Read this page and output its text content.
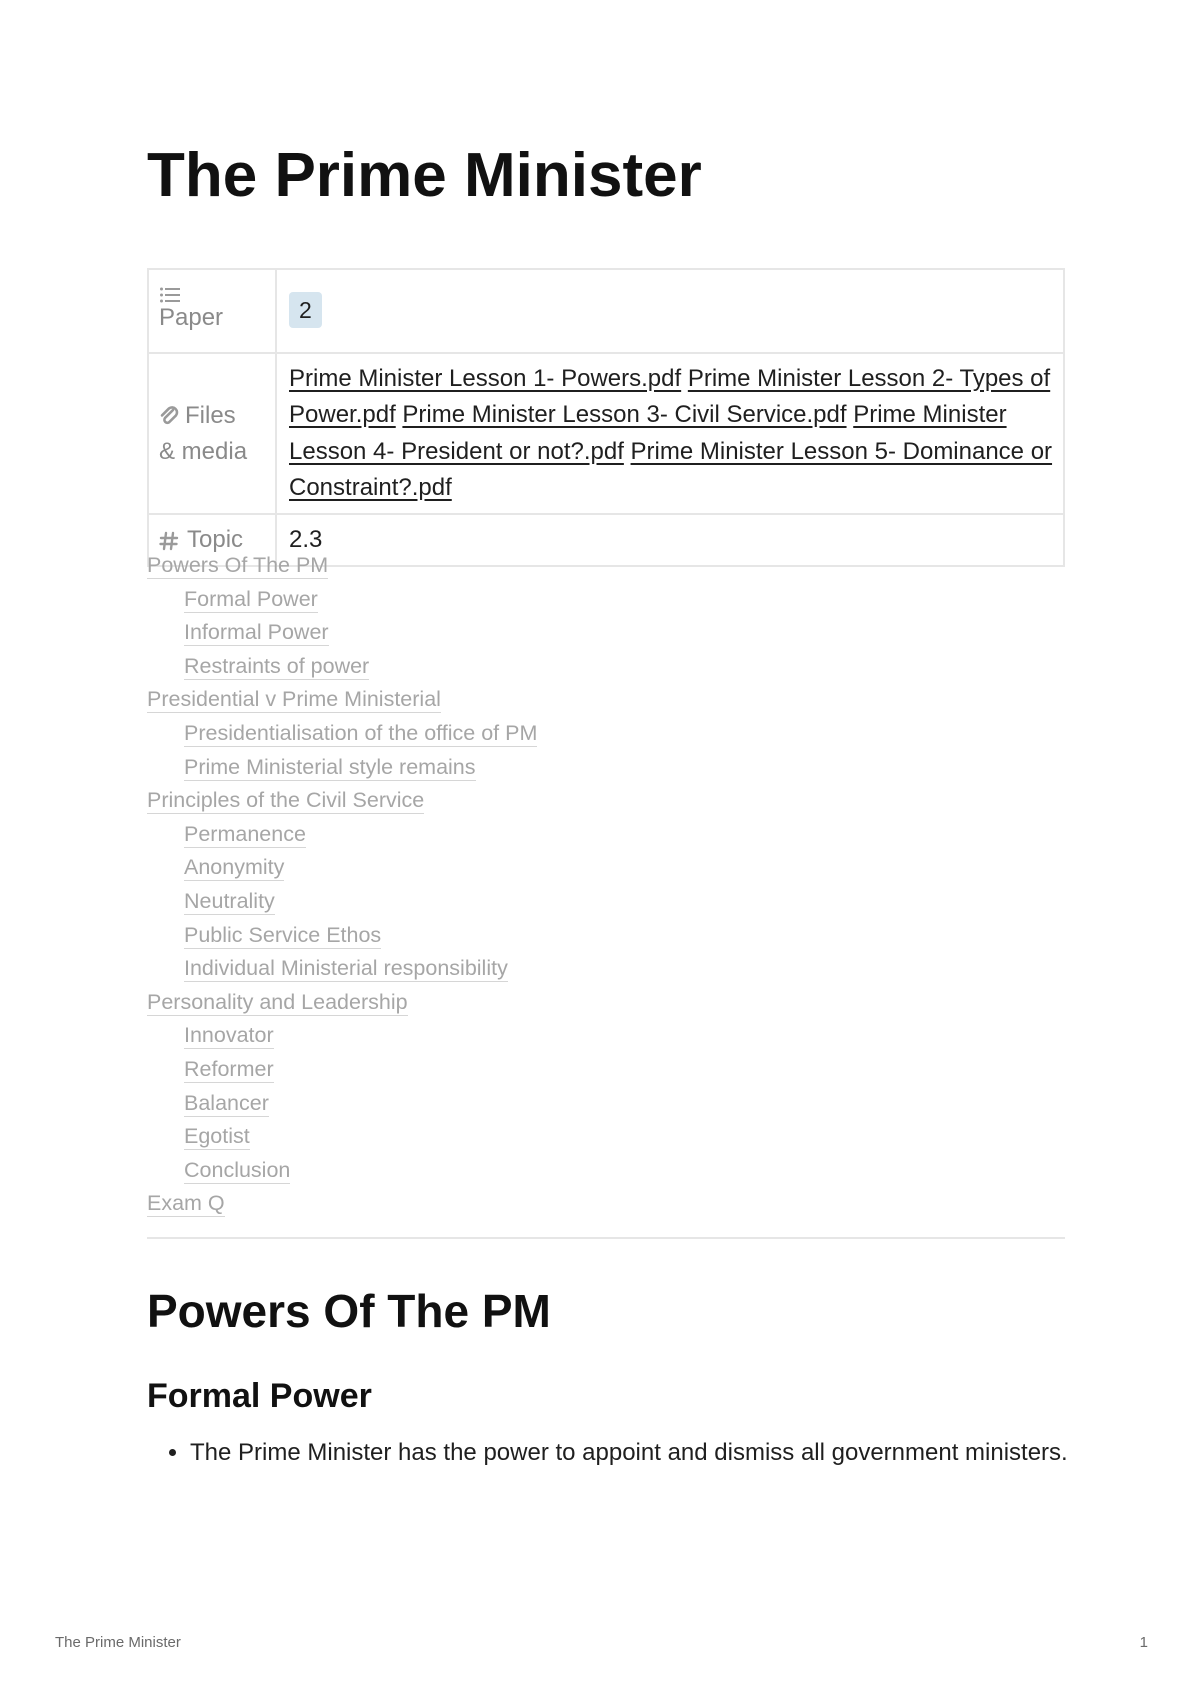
The Prime Minister
Paper	2
Files
& media	Prime Minister Lesson 1- Powers.pdf Prime Minister Lesson 2- Types of Power.pdf Prime Minister Lesson 3- Civil Service.pdf Prime Minister Lesson 4- President or not?.pdf Prime Minister Lesson 5- Dominance or Constraint?.pdf
Topic	2.3
Powers Of The PM
Formal Power
Informal Power
Restraints of power
Presidential v Prime Ministerial
Presidentialisation of the office of PM
Prime Ministerial style remains
Principles of the Civil Service
Permanence
Anonymity
Neutrality
Public Service Ethos
Individual Ministerial responsibility
Personality and Leadership
Innovator
Reformer
Balancer
Egotist
Conclusion
Exam Q
Powers Of The PM
Formal Power
• The Prime Minister has the power to appoint and dismiss all government ministers.
The Prime Minister	1
